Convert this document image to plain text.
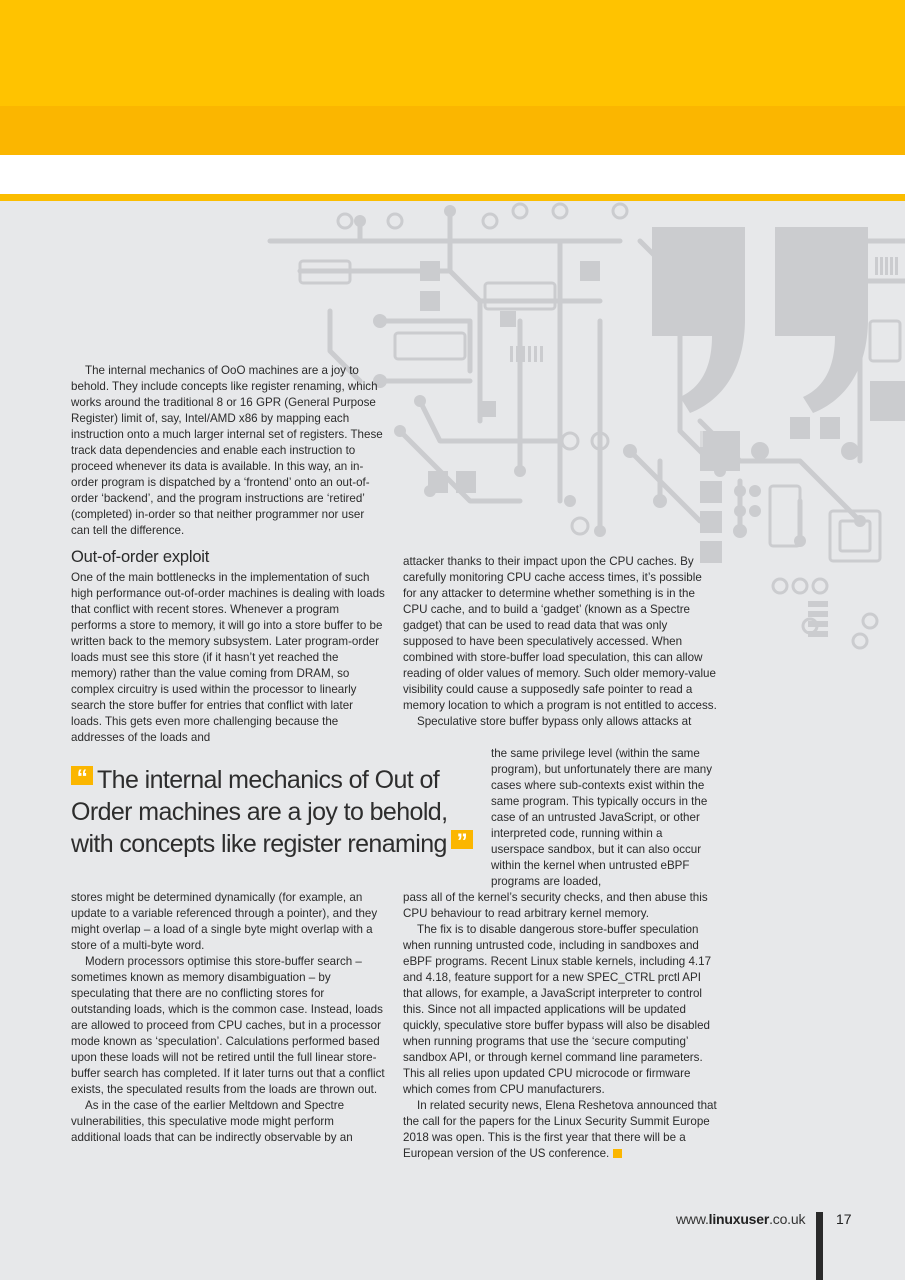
The internal mechanics of OoO machines are a joy to behold. They include concepts like register renaming, which works around the traditional 8 or 16 GPR (General Purpose Register) limit of, say, Intel/AMD x86 by mapping each instruction onto a much larger internal set of registers. These track data dependencies and enable each instruction to proceed whenever its data is available. In this way, an in-order program is dispatched by a ‘frontend’ onto an out-of-order ‘backend’, and the program instructions are ‘retired’ (completed) in-order so that neither programmer nor user can tell the difference.

Out-of-order exploit

One of the main bottlenecks in the implementation of such high performance out-of-order machines is dealing with loads that conflict with recent stores. Whenever a program performs a store to memory, it will go into a store buffer to be written back to the memory subsystem. Later program-order loads must see this store (if it hasn’t yet reached the memory) rather than the value coming from DRAM, so complex circuitry is used within the processor to linearly search the store buffer for entries that conflict with later loads. This gets even more challenging because the addresses of the loads and

“ The internal mechanics of Out of Order machines are a joy to behold, with concepts like register renaming ”

stores might be determined dynamically (for example, an update to a variable referenced through a pointer), and they might overlap – a load of a single byte might overlap with a store of a multi-byte word.

Modern processors optimise this store-buffer search – sometimes known as memory disambiguation – by speculating that there are no conflicting stores for outstanding loads, which is the common case. Instead, loads are allowed to proceed from CPU caches, but in a processor mode known as ‘speculation’. Calculations performed based upon these loads will not be retired until the full linear store-buffer search has completed. If it later turns out that a conflict exists, the speculated results from the loads are thrown out.

As in the case of the earlier Meltdown and Spectre vulnerabilities, this speculative mode might perform additional loads that can be indirectly observable by an

attacker thanks to their impact upon the CPU caches. By carefully monitoring CPU cache access times, it’s possible for any attacker to determine whether something is in the CPU cache, and to build a ‘gadget’ (known as a Spectre gadget) that can be used to read data that was only supposed to have been speculatively accessed. When combined with store-buffer load speculation, this can allow reading of older values of memory. Such older memory-value visibility could cause a supposedly safe pointer to read a memory location to which a program is not entitled to access.

Speculative store buffer bypass only allows attacks at

the same privilege level (within the same program), but unfortunately there are many cases where sub-contexts exist within the same program. This typically occurs in the case of an untrusted JavaScript, or other interpreted code, running within a userspace sandbox, but it can also occur within the kernel when untrusted eBPF programs are loaded,

pass all of the kernel’s security checks, and then abuse this CPU behaviour to read arbitrary kernel memory.

The fix is to disable dangerous store-buffer speculation when running untrusted code, including in sandboxes and eBPF programs. Recent Linux stable kernels, including 4.17 and 4.18, feature support for a new SPEC_CTRL prctl API that allows, for example, a JavaScript interpreter to control this. Since not all impacted applications will be updated quickly, speculative store buffer bypass will also be disabled when running programs that use the ‘secure computing’ sandbox API, or through kernel command line parameters. This all relies upon updated CPU microcode or firmware which comes from CPU manufacturers.

In related security news, Elena Reshetova announced that the call for the papers for the Linux Security Summit Europe 2018 was open. This is the first year that there will be a European version of the US conference.

www.linuxuser.co.uk 17
